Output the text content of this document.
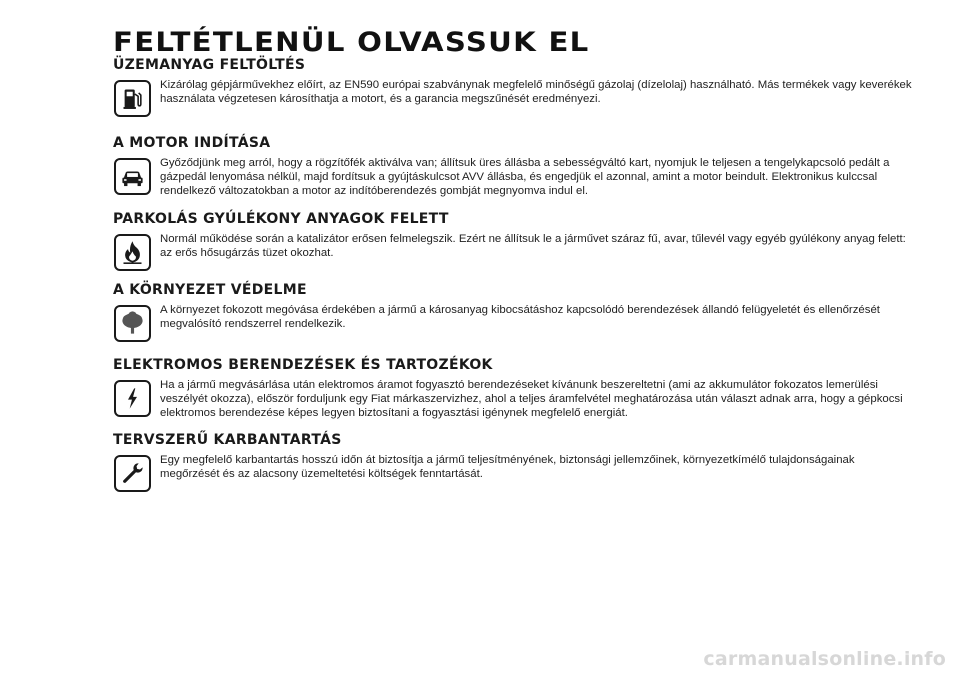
FELTÉTLENÜL OLVASSUK EL
ÜZEMANYAG FELTÖLTÉS
Kizárólag gépjárművekhez előírt, az EN590 európai szabványnak megfelelő minőségű gázolaj (dízelolaj) használható. Más termékek vagy keverékek használata végzetesen károsíthatja a motort, és a garancia megszűnését eredményezi.
A MOTOR INDÍTÁSA
Győződjünk meg arról, hogy a rögzítőfék aktiválva van; állítsuk üres állásba a sebességváltó kart, nyomjuk le teljesen a tengelykapcsoló pedált a gázpedál lenyomása nélkül, majd fordítsuk a gyújtáskulcsot AVV állásba, és engedjük el azonnal, amint a motor beindult. Elektronikus kulccsal rendelkező változatokban a motor az indítóberendezés gombját megnyomva indul el.
PARKOLÁS GYÚLÉKONY ANYAGOK FELETT
Normál működése során a katalizátor erősen felmelegszik. Ezért ne állítsuk le a járművet száraz fű, avar, tűlevél vagy egyéb gyúlékony anyag felett: az erős hősugárzás tüzet okozhat.
A KÖRNYEZET VÉDELME
A környezet fokozott megóvása érdekében a jármű a károsanyag kibocsátáshoz kapcsolódó berendezések állandó felügyeletét és ellenőrzését megvalósító rendszerrel rendelkezik.
ELEKTROMOS BERENDEZÉSEK ÉS TARTOZÉKOK
Ha a jármű megvásárlása után elektromos áramot fogyasztó berendezéseket kívánunk beszereltetni (ami az akkumulátor fokozatos lemerülési veszélyét okozza), először forduljunk egy Fiat márkaszervizhez, ahol a teljes áramfelvétel meghatározása után választ adnak arra, hogy a gépkocsi elektromos berendezése képes legyen biztosítani a fogyasztási igénynek megfelelő energiát.
TERVSZERŰ KARBANTARTÁS
Egy megfelelő karbantartás hosszú időn át biztosítja a jármű teljesítményének, biztonsági jellemzőinek, környezetkímélő tulajdonságainak megőrzését és az alacsony üzemeltetési költségek fenntartását.
carmanualsonline.info
